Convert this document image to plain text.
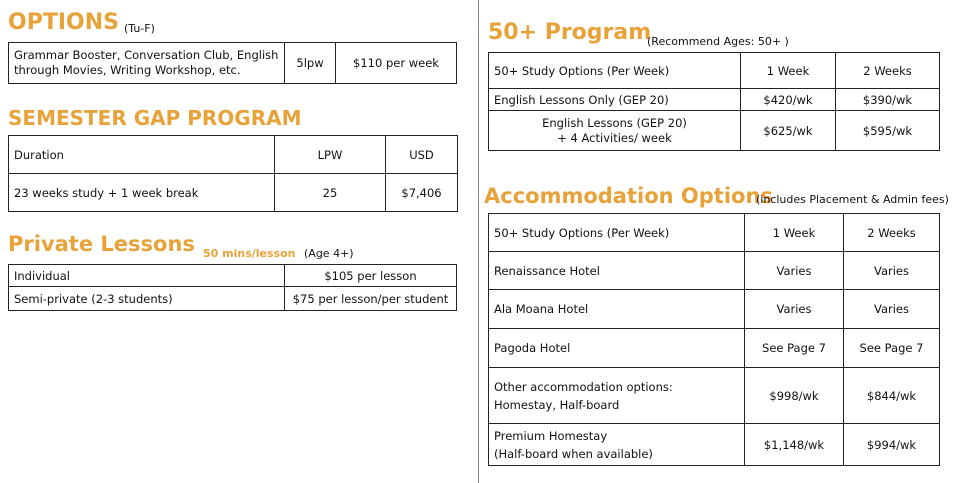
OPTIONS (Tu-F)
Grammar Booster, Conversation Club, English through Movies, Writing Workshop, etc.	5lpw	$110 per week
SEMESTER GAP PROGRAM
Duration	LPW	USD
23 weeks study + 1 week break	25	$7,406
Private Lessons 50 mins/lesson (Age 4+)
Individual	$105 per lesson
Semi-private (2-3 students)	$75 per lesson/per student
50+ Program
(Recommend Ages: 50+ )
50+ Study Options (Per Week)	1 Week	2 Weeks
English Lessons Only (GEP 20)	$420/wk	$390/wk

English Lessons (GEP 20)
+ 4 Activities/ week	$625/wk	$595/wk
Accommodation Options
(includes Placement & Admin fees)
50+ Study Options (Per Week)	1 Week	2 Weeks
Renaissance Hotel	Varies	Varies
Ala Moana Hotel	Varies	Varies
Pagoda Hotel	See Page 7	See Page 7

Other accommodation options:
Homestay, Half-board	$998/wk	$844/wk

Premium Homestay
(Half-board when available)	$1,148/wk	$994/wk
